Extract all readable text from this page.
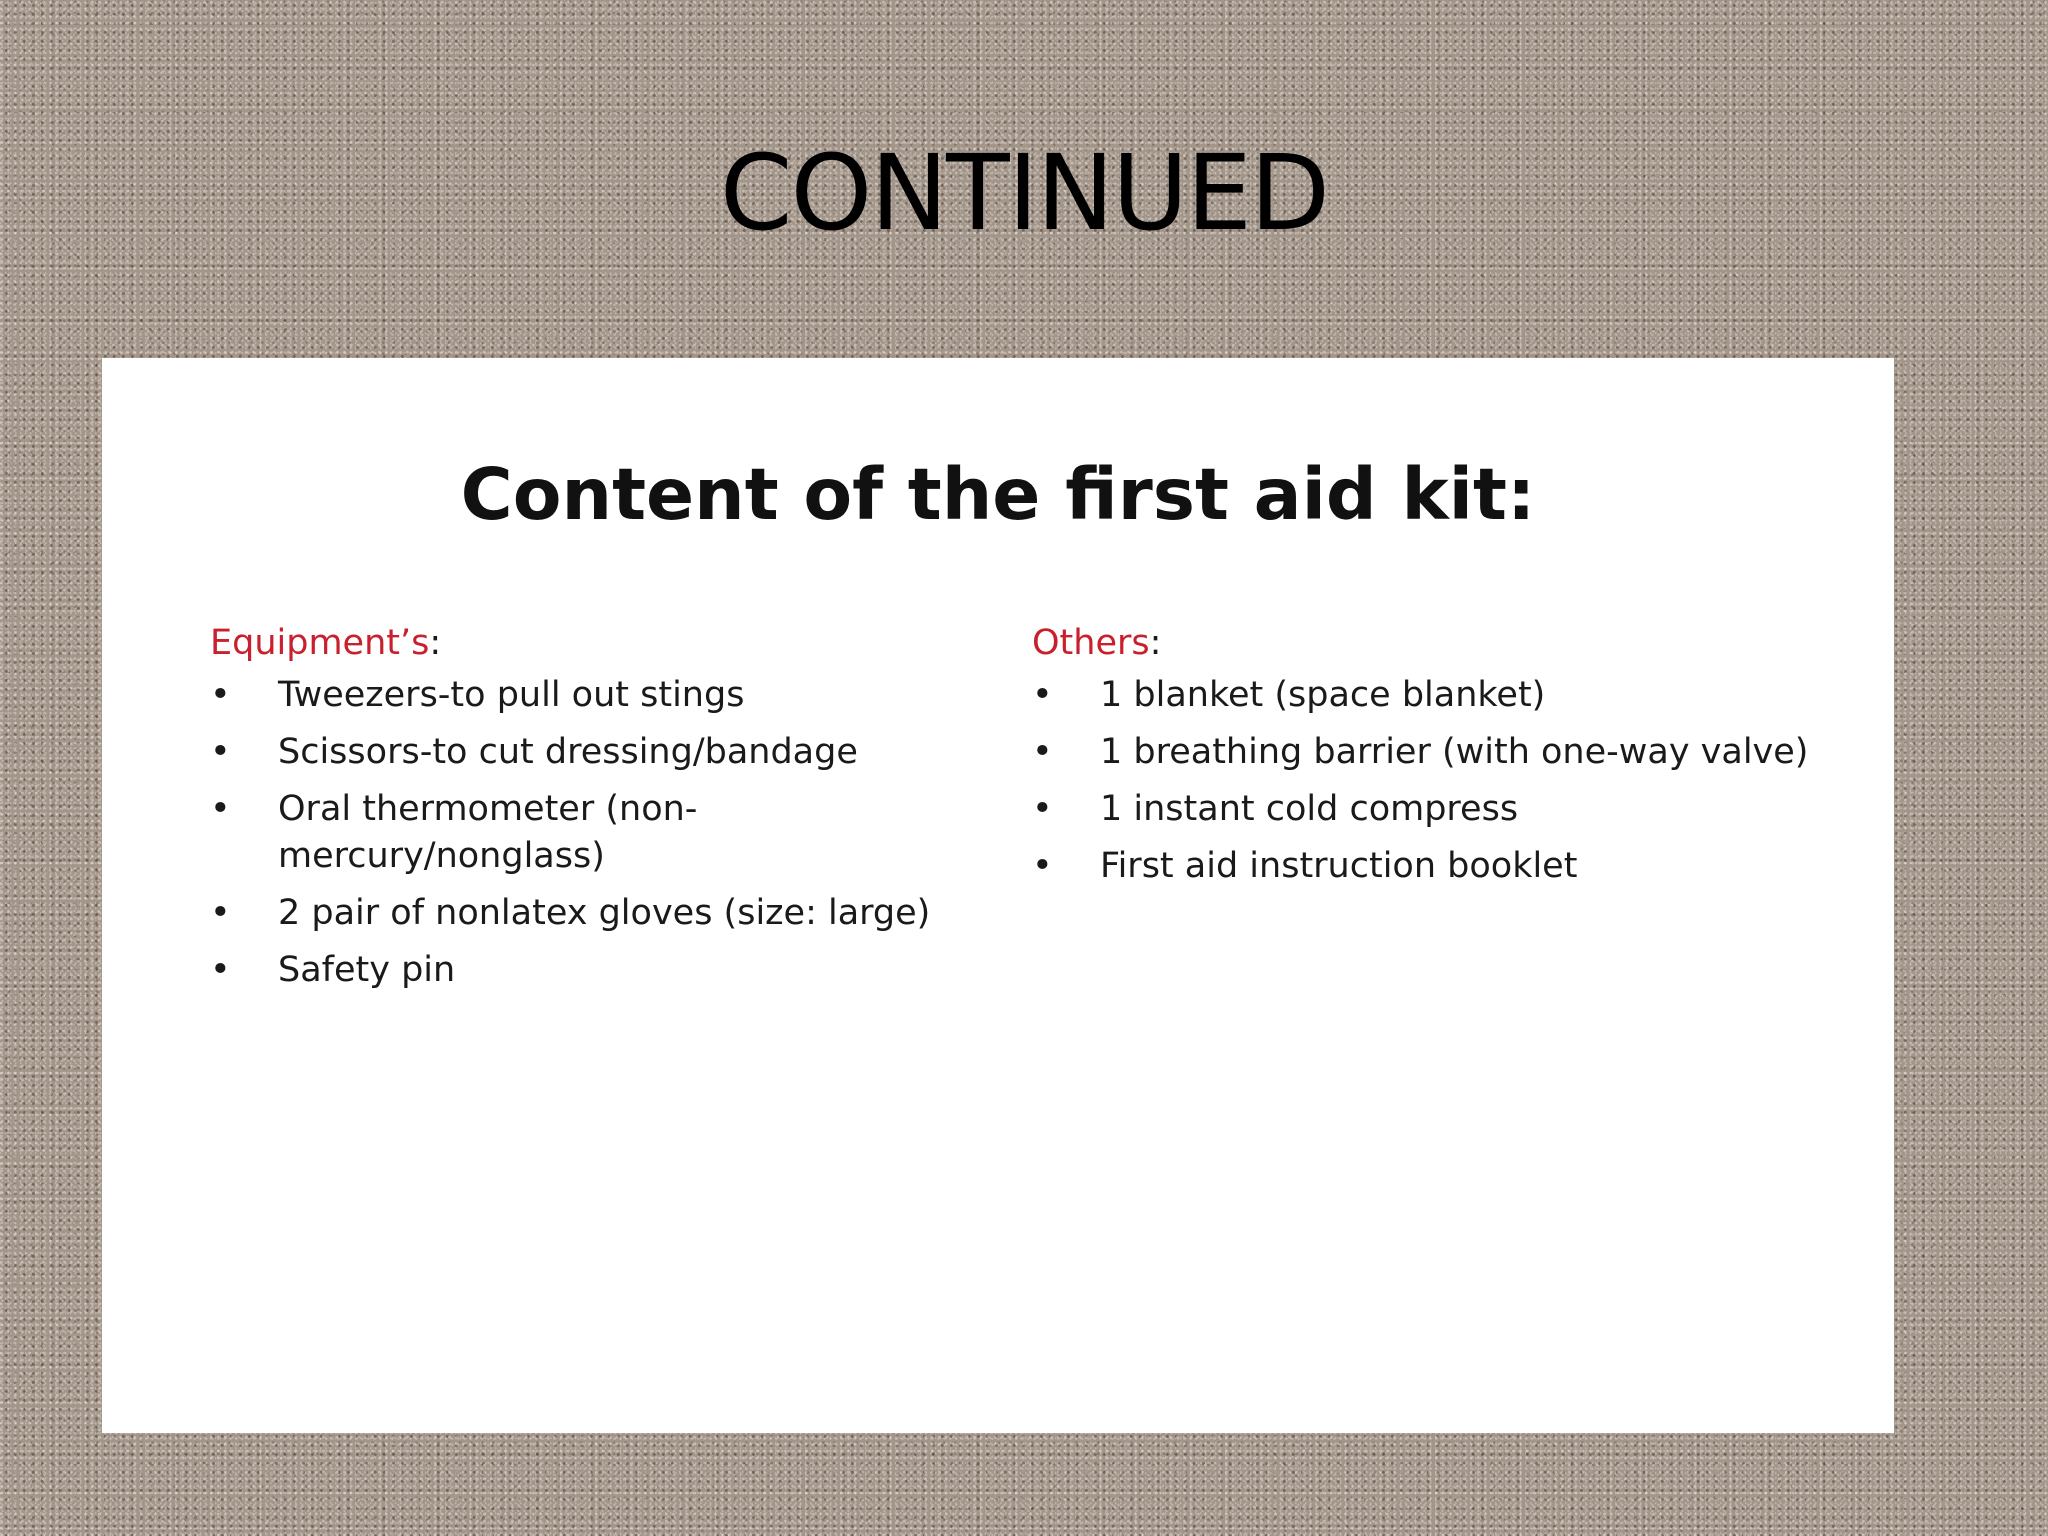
CONTINUED
Content of the first aid kit:
Equipment’s:
• Tweezers-to pull out stings
• Scissors-to cut dressing/bandage
• Oral thermometer (non-mercury/nonglass)
• 2 pair of nonlatex gloves (size: large)
• Safety pin
Others:
• 1 blanket (space blanket)
• 1 breathing barrier (with one-way valve)
• 1 instant cold compress
• First aid instruction booklet
